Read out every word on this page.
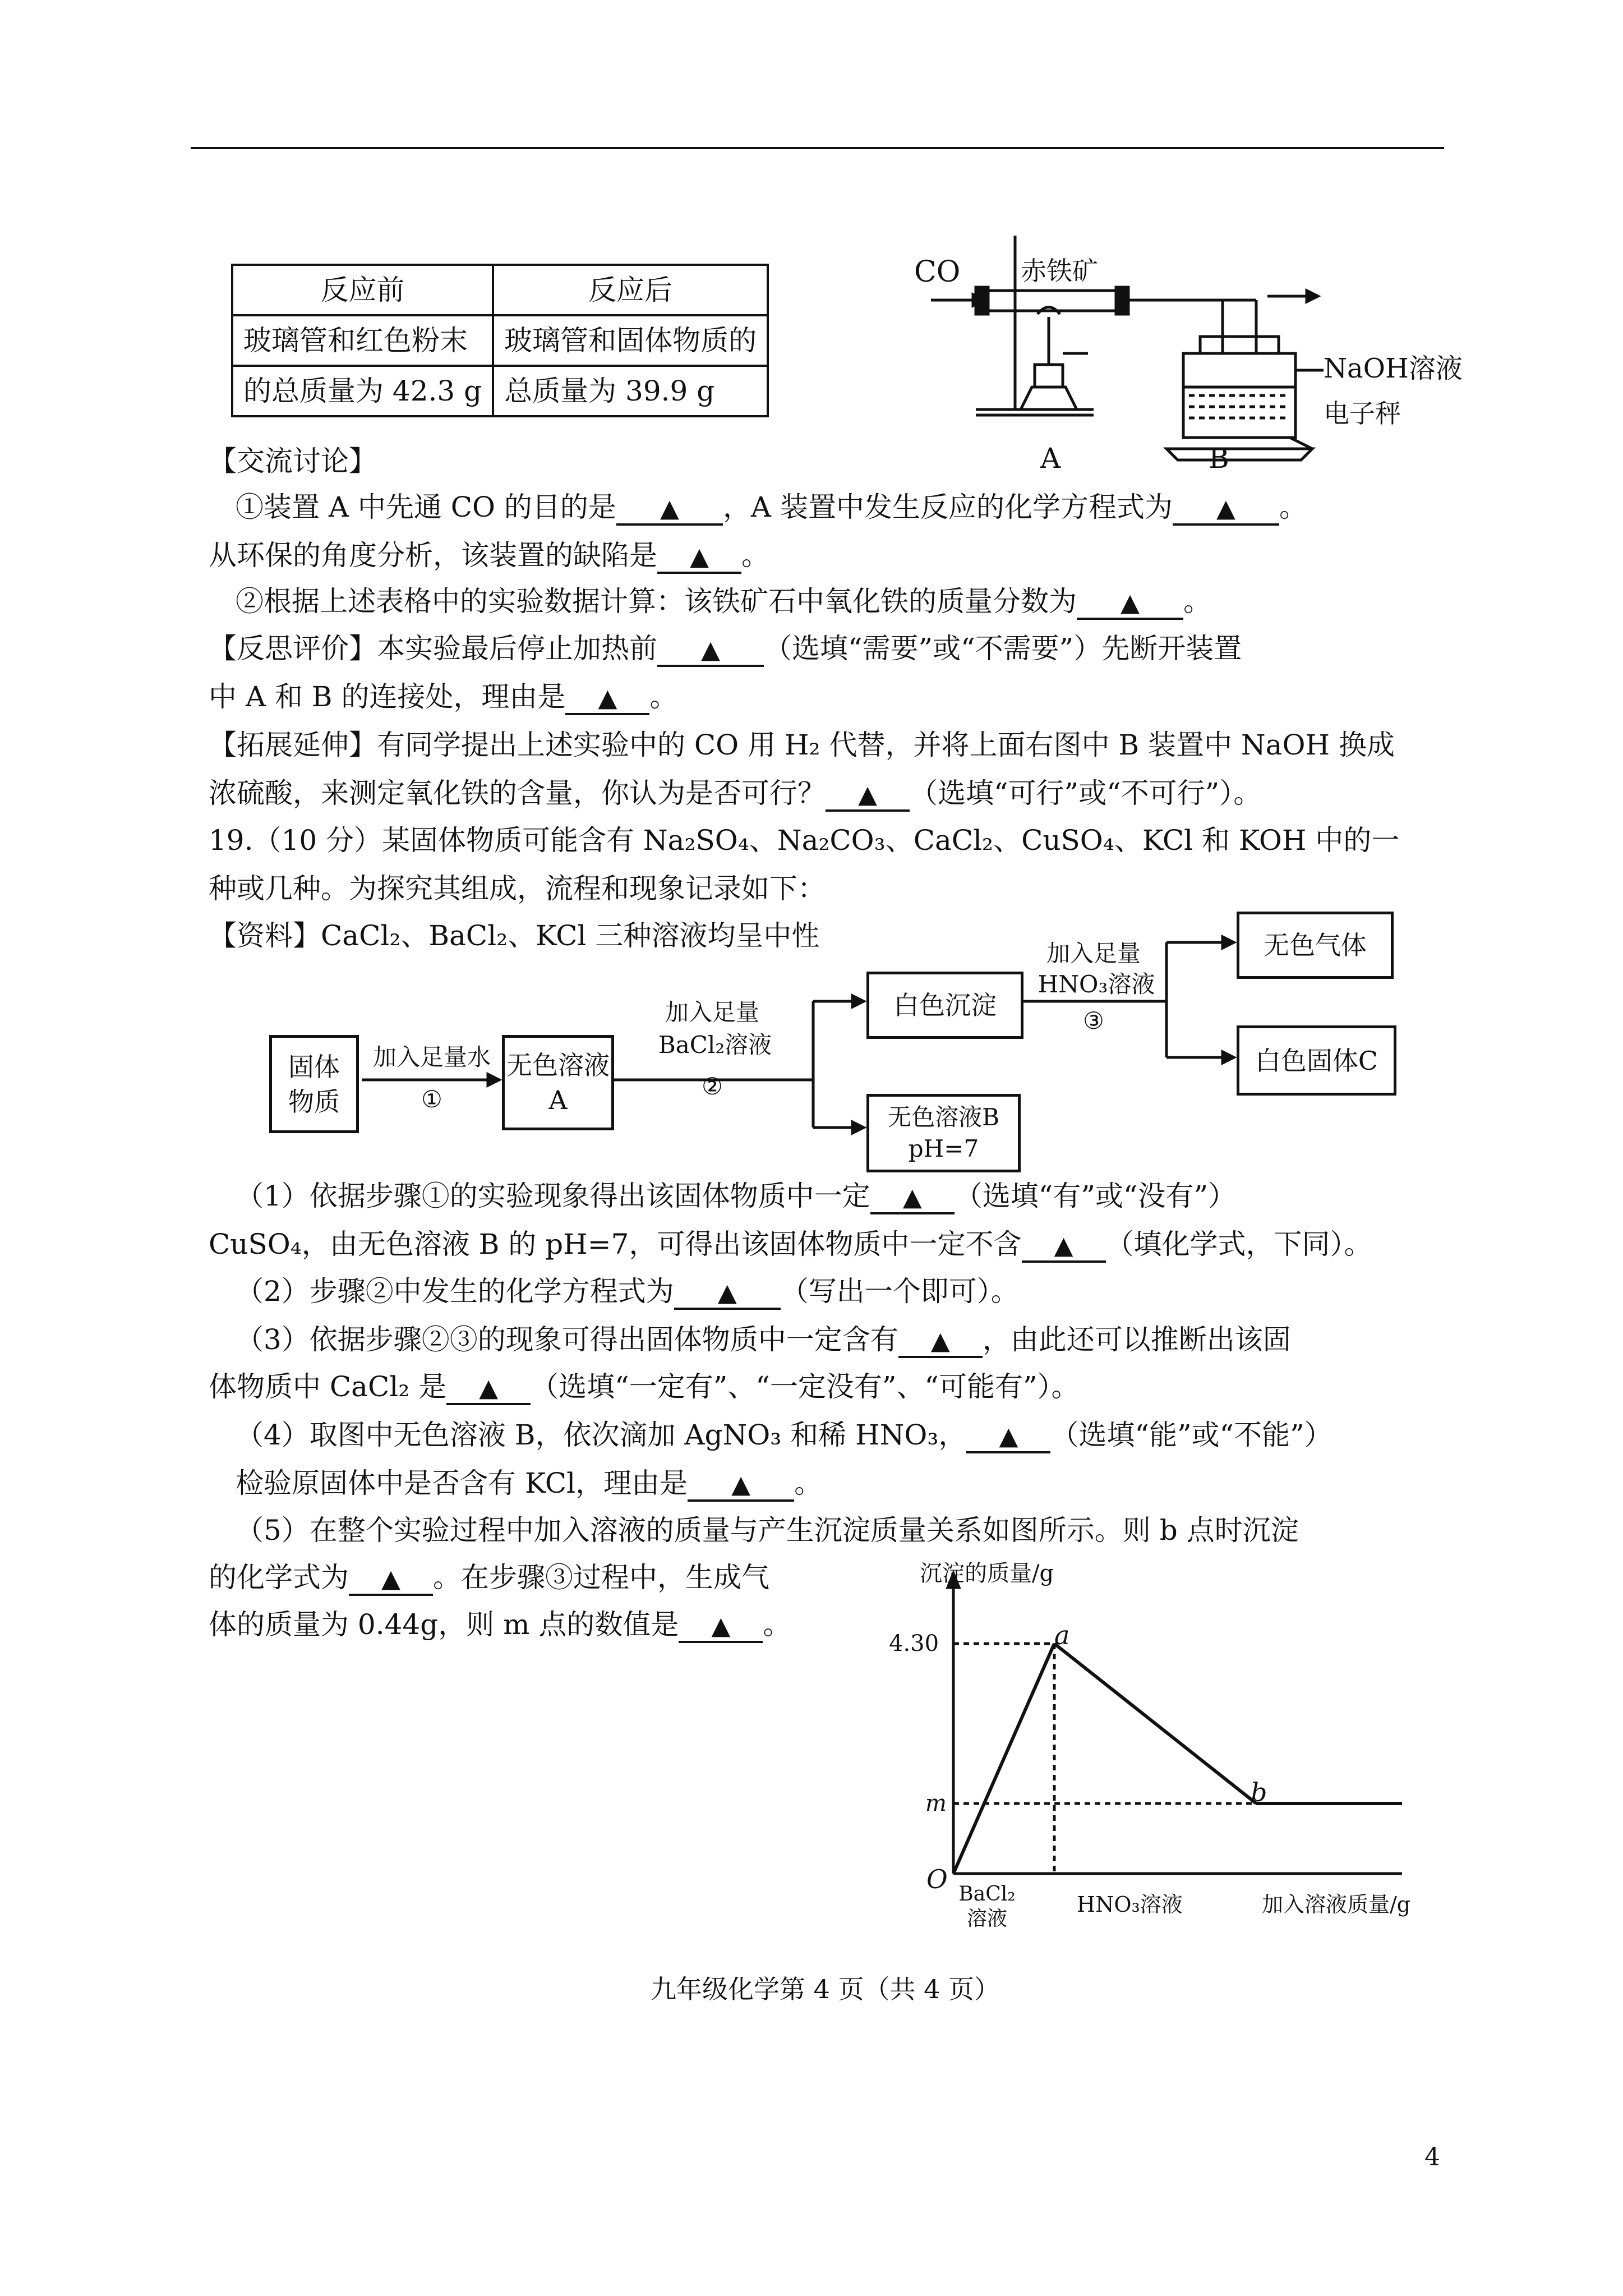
反应前	反应后
玻璃管和红色粉末	玻璃管和固体物质的
的总质量为 42.3 g	总质量为 39.9 g
CO 赤铁矿
NaOH溶液
电子秤
A	B
【交流讨论】
①装置 A 中先通 CO 的目的是 ▲ ，A 装置中发生反应的化学方程式为 ▲ 。
从环保的角度分析，该装置的缺陷是 ▲ 。
②根据上述表格中的实验数据计算：该铁矿石中氧化铁的质量分数为 ▲ 。
【反思评价】本实验最后停止加热前 ▲ （选填“需要”或“不需要”）先断开装置
中 A 和 B 的连接处，理由是 ▲ 。
【拓展延伸】有同学提出上述实验中的 CO 用 H₂ 代替，并将上面右图中 B 装置中 NaOH 换成
浓硫酸，来测定氧化铁的含量，你认为是否可行？ ▲ （选填“可行”或“不可行”）。
19.（10 分）某固体物质可能含有 Na₂SO₄、Na₂CO₃、CaCl₂、CuSO₄、KCl 和 KOH 中的一
种或几种。为探究其组成，流程和现象记录如下：
【资料】CaCl₂、BaCl₂、KCl 三种溶液均呈中性
固体
物质
加入足量水
①
无色溶液
A
加入足量
BaCl₂溶液
②
白色沉淀
无色溶液B
pH=7
加入足量
HNO₃溶液
③
无色气体
白色固体C
（1）依据步骤①的实验现象得出该固体物质中一定 ▲ （选填“有”或“没有”）
CuSO₄，由无色溶液 B 的 pH=7，可得出该固体物质中一定不含 ▲ （填化学式，下同）。
（2）步骤②中发生的化学方程式为 ▲ （写出一个即可）。
（3）依据步骤②③的现象可得出固体物质中一定含有 ▲ ，由此还可以推断出该固
体物质中 CaCl₂ 是 ▲ （选填“一定有”、“一定没有”、“可能有”）。
（4）取图中无色溶液 B，依次滴加 AgNO₃ 和稀 HNO₃， ▲ （选填“能”或“不能”）
检验原固体中是否含有 KCl，理由是 ▲ 。
（5）在整个实验过程中加入溶液的质量与产生沉淀质量关系如图所示。则 b 点时沉淀
的化学式为 ▲ 。在步骤③过程中，生成气
体的质量为 0.44g，则 m 点的数值是 ▲ 。
沉淀的质量/g
4.30
m
O
a
b
BaCl₂溶液
HNO₃溶液	加入溶液质量/g
九年级化学第 4 页（共 4 页）
4
